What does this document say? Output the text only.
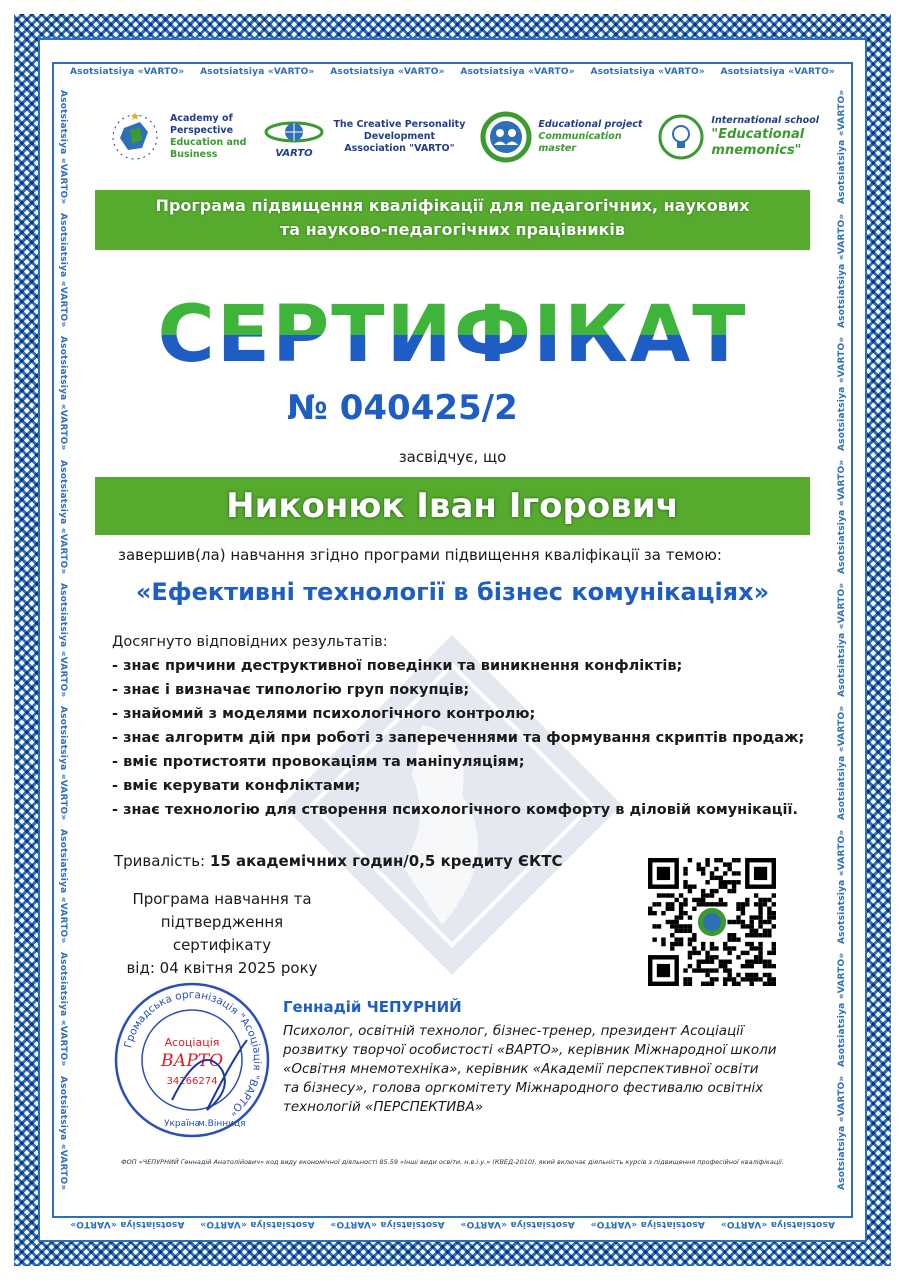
Asotsiatsiya «VARTO» Asotsiatsiya «VARTO» Asotsiatsiya «VARTO» Asotsiatsiya «VARTO» Asotsiatsiya «VARTO» Asotsiatsiya «VARTO»
Asotsiatsiya «VARTO»
Asotsiatsiya «VARTO»
Asotsiatsiya «VARTO»
Asotsiatsiya «VARTO»
Asotsiatsiya «VARTO»
Asotsiatsiya «VARTO»
Asotsiatsiya «VARTO»
Asotsiatsiya «VARTO»
Asotsiatsiya «VARTO»
Asotsiatsiya «VARTO»
Asotsiatsiya «VARTO»
Asotsiatsiya «VARTO»
Asotsiatsiya «VARTO»
Asotsiatsiya «VARTO»
Asotsiatsiya «VARTO»	Asotsiatsiya «VARTO»
Asotsiatsiya «VARTO»
Asotsiatsiya «VARTO»
Asotsiatsiya «VARTO»
Asotsiatsiya «VARTO»
Asotsiatsiya «VARTO»
Asotsiatsiya «VARTO»
Asotsiatsiya «VARTO»
Asotsiatsiya «VARTO»
Academy of
Perspective
Education and
Business	VARTO
The Creative Personality
Development
Association "VARTO"
Educational project
Communication
master
International school
"Educational
mnemonics"
Програма підвищення кваліфікації для педагогічних, наукових
та науково-педагогічних працівників
СЕРТИФІКАТ
№ 040425/2
засвідчує, що
Никонюк Іван Ігорович
завершив(ла) навчання згідно програми підвищення кваліфікації за темою:
«Ефективні технології в бізнес комунікаціях»
Досягнуто відповідних результатів:
- знає причини деструктивної поведінки та виникнення конфліктів;
- знає і визначає типологію груп покупців;
- знайомий з моделями психологічного контролю;
- знає алгоритм дій при роботі з запереченнями та формування скриптів продаж;
- вміє протистояти провокаціям та маніпуляціям;
- вміє керувати конфліктами;
- знає технологію для створення психологічного комфорту в діловій комунікації.
Тривалість: 15 академічних годин/0,5 кредиту ЄКТС
Програма навчання та
підтвердження сертифікату
від: 04 квітня 2025 року
Громадська організація "Асоціація "ВАРТО"
Україна
м.Вінниця
Асоціація
ВАРТО
34266274
Геннадій ЧЕПУРНИЙ
Психолог, освітній технолог, бізнес-тренер, президент Асоціації
розвитку творчої особистості «ВАРТО», керівник Міжнародної школи
«Освітня мнемотехніка», керівник «Академії перспективної освіти
та бізнесу», голова оргкомітету Міжнародного фестивалю освітніх
технологій «ПЕРСПЕКТИВА»
ФОП «ЧЕПУРНИЙ Геннадій Анатолійович» код виду економічної діяльності 85.59 «Інші види освіти, н.в.і.у.» (КВЕД-2010), який включає діяльність курсів з підвищення професійної кваліфікації.
